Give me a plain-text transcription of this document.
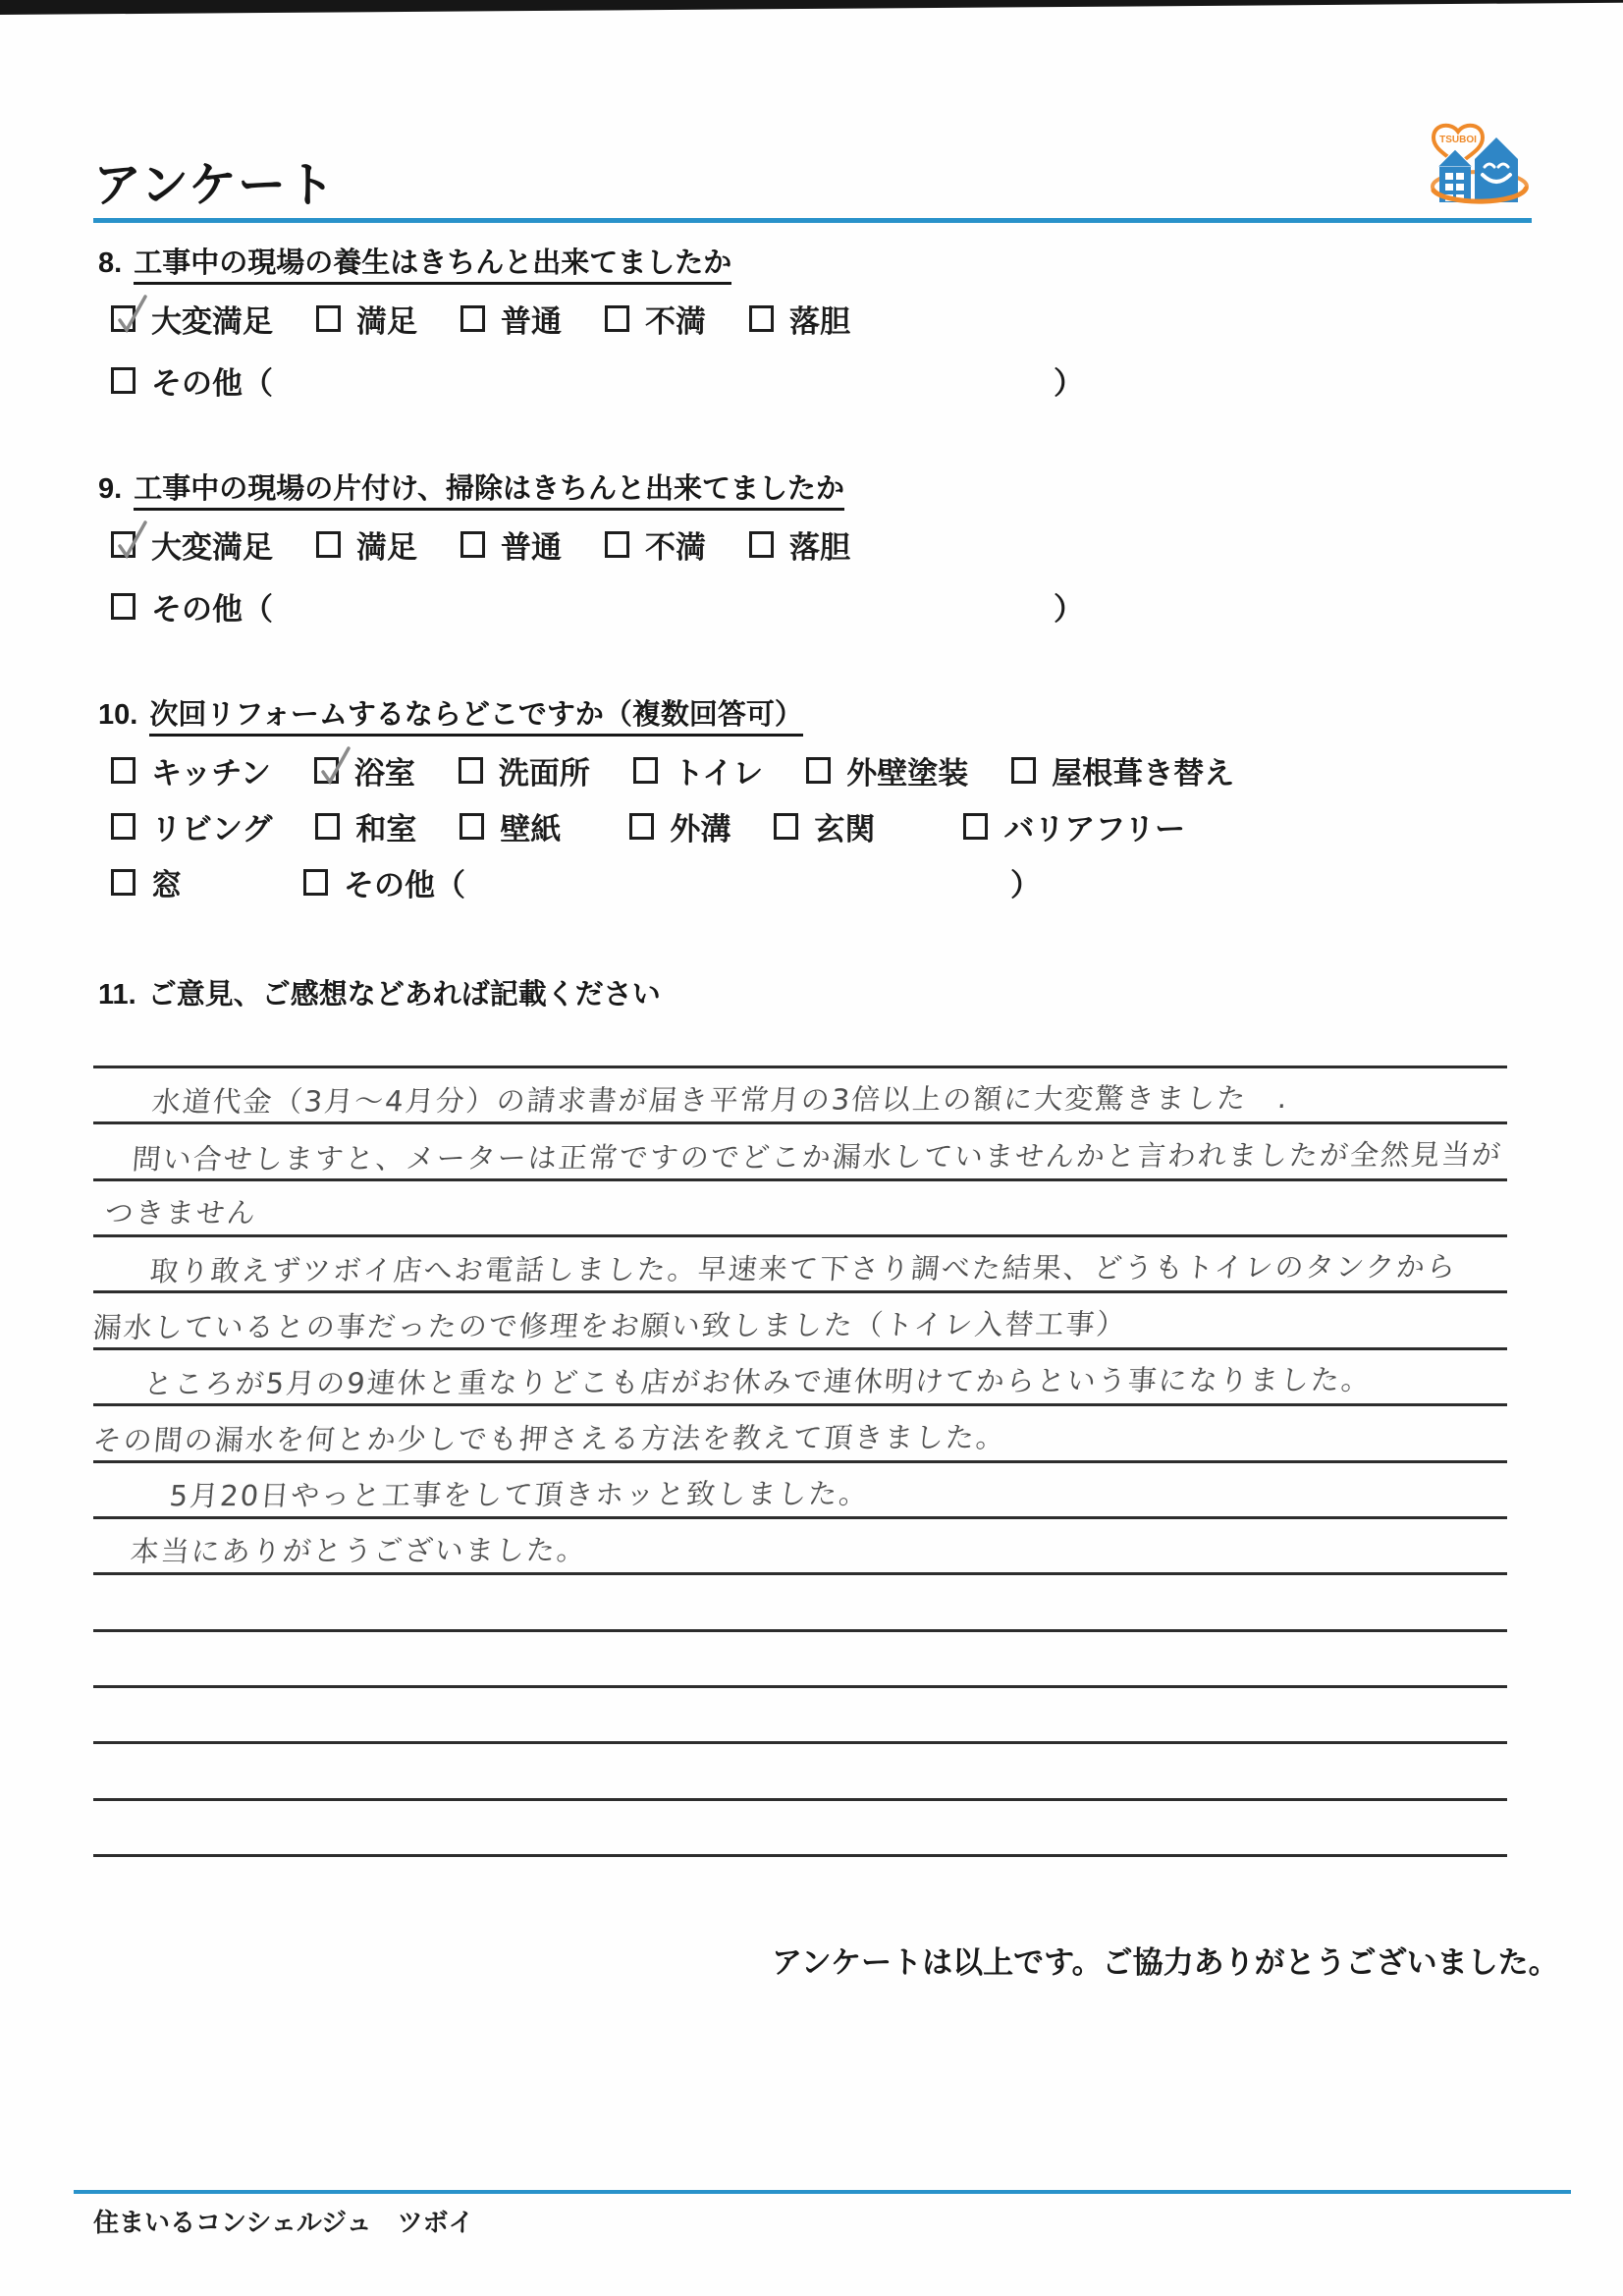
アンケート
TSUBOI
8. 工事中の現場の養生はきちんと出来てましたか
大変満足	満足	普通	不満	落胆
その他（	）
9. 工事中の現場の片付け、掃除はきちんと出来てましたか
大変満足	満足	普通	不満	落胆
その他（	）
10. 次回リフォームするならどこですか（複数回答可）
キッチン	浴室	洗面所	トイレ	外壁塗装	屋根葺き替え
リビング	和室	壁紙	外溝	玄関	バリアフリー
窓	その他（	）
11. ご意見、ご感想などあれば記載ください
水道代金（3月～4月分）の請求書が届き平常月の3倍以上の額に大変驚きました　.
問い合せしますと、メーターは正常ですのでどこか漏水していませんかと言われましたが全然見当が
つきません
取り敢えずツボイ店へお電話しました。早速来て下さり調べた結果、どうもトイレのタンクから
漏水しているとの事だったので修理をお願い致しました（トイレ入替工事）
ところが5月の9連休と重なりどこも店がお休みで連休明けてからという事になりました。
その間の漏水を何とか少しでも押さえる方法を教えて頂きました。
5月20日やっと工事をして頂きホッと致しました。
本当にありがとうございました。
アンケートは以上です。ご協力ありがとうございました。
住まいるコンシェルジュ　ツボイ
